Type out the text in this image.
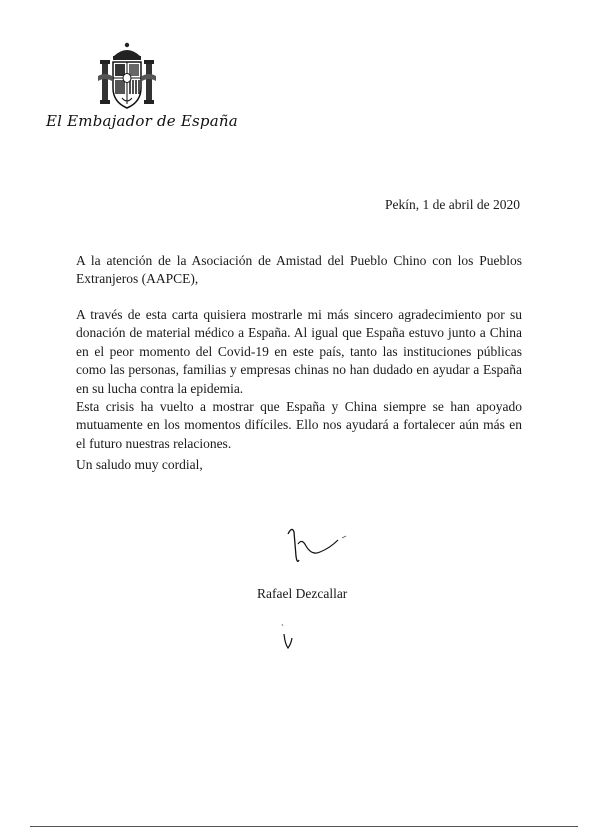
El Embajador de España
Pekín, 1 de abril de 2020

A la atención de la Asociación de Amistad del Pueblo Chino con los Pueblos Extranjeros (AAPCE),

A través de esta carta quisiera mostrarle mi más sincero agradecimiento por su donación de material médico a España. Al igual que España estuvo junto a China en el peor momento del Covid-19 en este país, tanto las instituciones públicas como las personas, familias y empresas chinas no han dudado en ayudar a España en su lucha contra la epidemia.

Esta crisis ha vuelto a mostrar que España y China siempre se han apoyado mutuamente en los momentos difíciles. Ello nos ayudará a fortalecer aún más en el futuro nuestras relaciones.

Un saludo muy cordial,

Rafael Dezcallar
